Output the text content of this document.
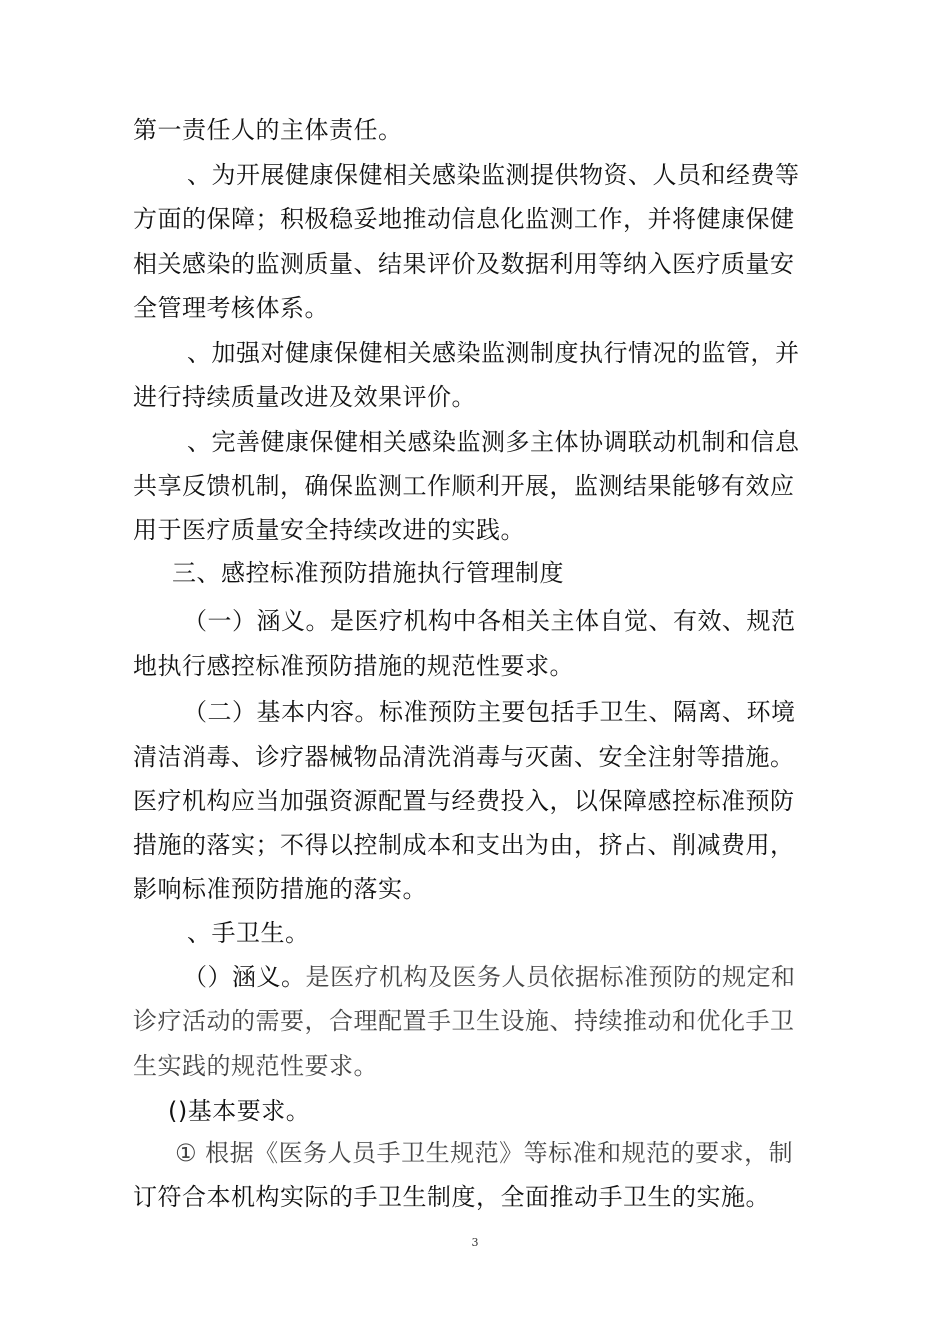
第一责任人的主体责任。
、为开展健康保健相关感染监测提供物资、人员和经费等
方面的保障；积极稳妥地推动信息化监测工作，并将健康保健
相关感染的监测质量、结果评价及数据利用等纳入医疗质量安
全管理考核体系。
、加强对健康保健相关感染监测制度执行情况的监管，并
进行持续质量改进及效果评价。
、完善健康保健相关感染监测多主体协调联动机制和信息
共享反馈机制，确保监测工作顺利开展，监测结果能够有效应
用于医疗质量安全持续改进的实践。
三、感控标准预防措施执行管理制度
（一）涵义。是医疗机构中各相关主体自觉、有效、规范
地执行感控标准预防措施的规范性要求。
（二）基本内容。标准预防主要包括手卫生、隔离、环境
清洁消毒、诊疗器械物品清洗消毒与灭菌、安全注射等措施。
医疗机构应当加强资源配置与经费投入，以保障感控标准预防
措施的落实；不得以控制成本和支出为由，挤占、削减费用，
影响标准预防措施的落实。
、手卫生。
（）涵义。是医疗机构及医务人员依据标准预防的规定和
诊疗活动的需要，合理配置手卫生设施、持续推动和优化手卫
生实践的规范性要求。
()基本要求。
① 根据《医务人员手卫生规范》等标准和规范的要求，制
订符合本机构实际的手卫生制度，全面推动手卫生的实施。
3
